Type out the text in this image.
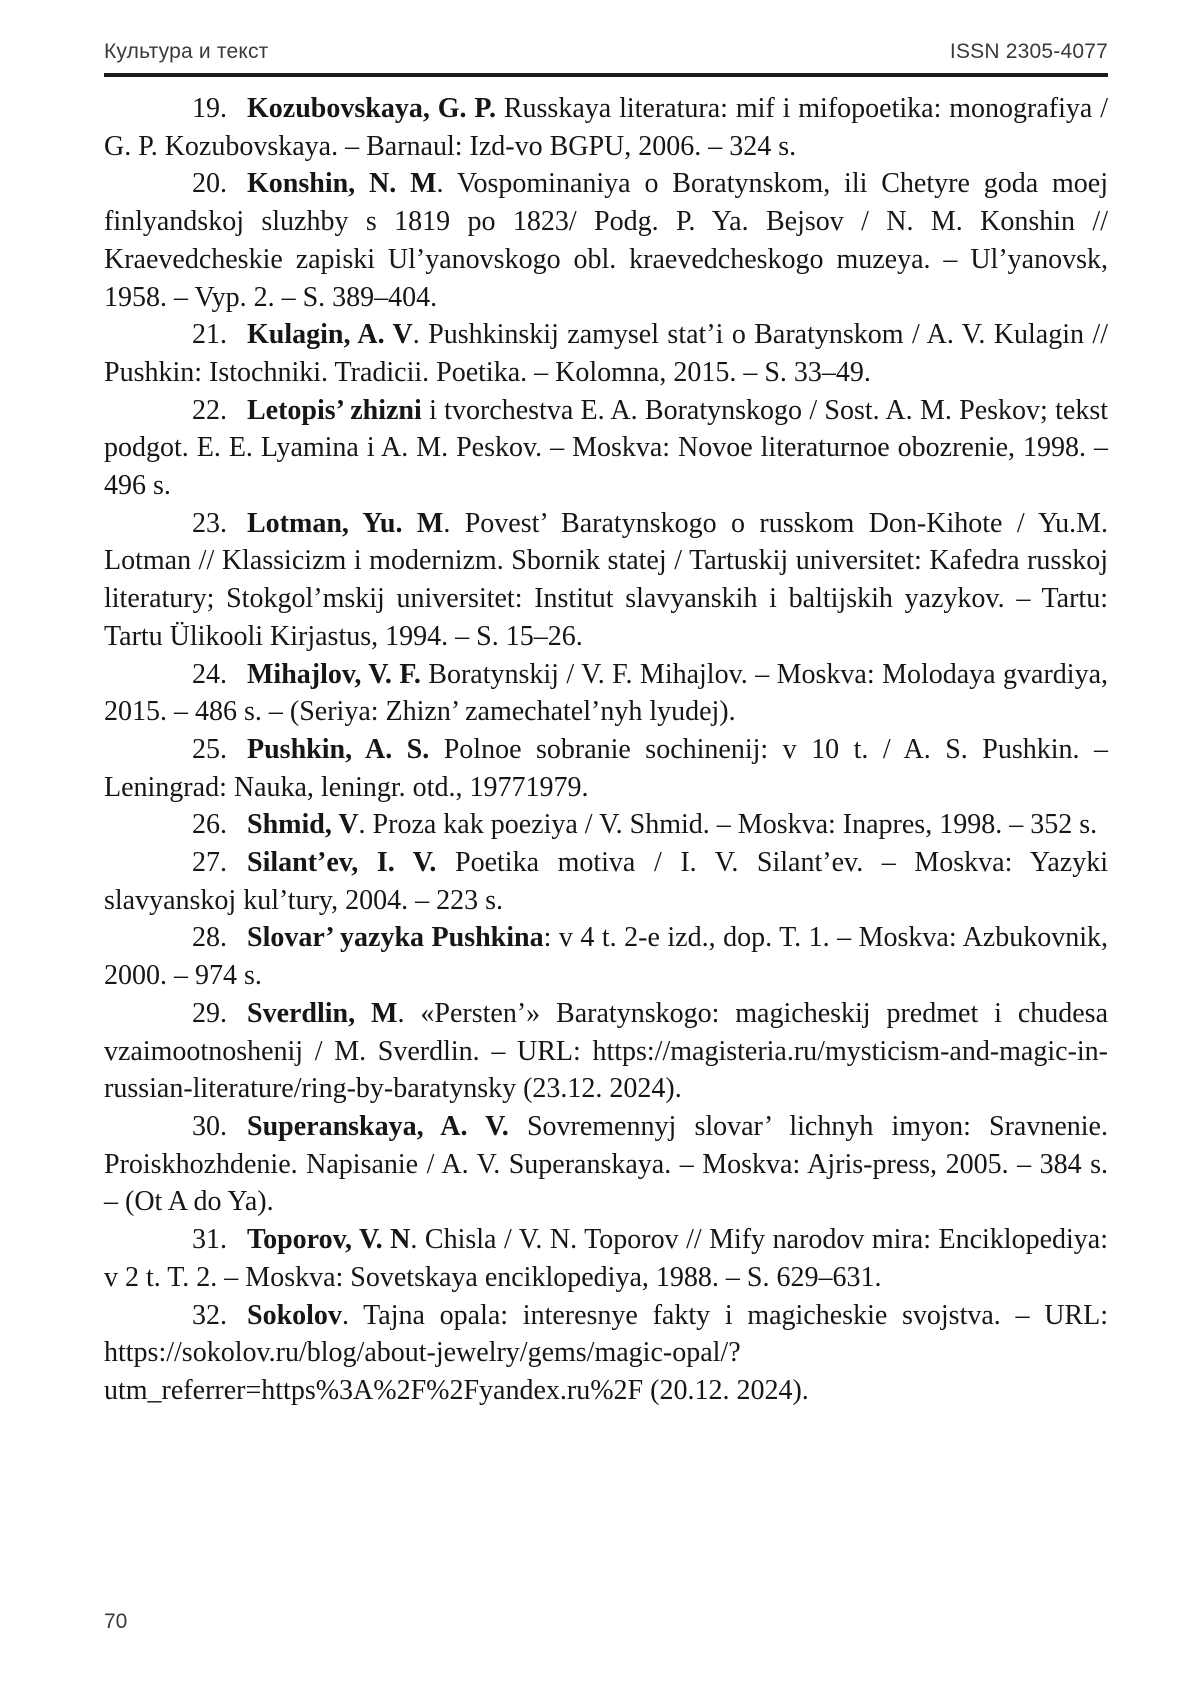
Культура и текст	ISSN 2305-4077

19. Kozubovskaya, G. P. Russkaya literatura: mif i mifopoetika: monografiya / G. P. Kozubovskaya. – Barnaul: Izd-vo BGPU, 2006. – 324 s.

20. Konshin, N. M. Vospominaniya o Boratynskom, ili Chetyre goda moej finlyandskoj sluzhby s 1819 po 1823/ Podg. P. Ya. Bejsov / N. M. Konshin // Kraevedcheskie zapiski Ul’yanovskogo obl. kraevedcheskogo muzeya. – Ul’yanovsk, 1958. – Vyp. 2. – S. 389–404.

21. Kulagin, A. V. Pushkinskij zamysel stat’i o Baratynskom / A. V. Kulagin // Pushkin: Istochniki. Tradicii. Poetika. – Kolomna, 2015. – S. 33–49.

22. Letopis’ zhizni i tvorchestva E. A. Boratynskogo / Sost. A. M. Peskov; tekst podgot. E. E. Lyamina i A. M. Peskov. – Moskva: Novoe literaturnoe obozrenie, 1998. – 496 s.

23. Lotman, Yu. M. Povest’ Baratynskogo o russkom Don-Kihote / Yu.M. Lotman // Klassicizm i modernizm. Sbornik statej / Tartuskij universitet: Kafedra russkoj literatury; Stokgol’mskij universitet: Institut slavyanskih i baltijskih yazykov. – Tartu: Tartu Ülikooli Kirjastus, 1994. – S. 15–26.

24. Mihajlov, V. F. Boratynskij / V. F. Mihajlov. – Moskva: Molodaya gvardiya, 2015. – 486 s. – (Seriya: Zhizn’ zamechatel’nyh lyudej).

25. Pushkin, A. S. Polnoe sobranie sochinenij: v 10 t. / A. S. Pushkin. – Leningrad: Nauka, leningr. otd., 19771979.

26. Shmid, V. Proza kak poeziya / V. Shmid. – Moskva: Inapres, 1998. – 352 s.

27. Silant’ev, I. V. Poetika motiva / I. V. Silant’ev. – Moskva: Yazyki slavyanskoj kul’tury, 2004. – 223 s.

28. Slovar’ yazyka Pushkina: v 4 t. 2-e izd., dop. T. 1. – Moskva: Azbukovnik, 2000. – 974 s.

29. Sverdlin, M. «Persten’» Baratynskogo: magicheskij predmet i chudesa vzaimootnoshenij / M. Sverdlin. – URL: https://magisteria.ru/mysticism-and-magic-in-russian-literature/ring-by-baratynsky (23.12. 2024).

30. Superanskaya, A. V. Sovremennyj slovar’ lichnyh imyon: Sravnenie. Proiskhozhdenie. Napisanie / A. V. Superanskaya. – Moskva: Ajris-press, 2005. – 384 s. – (Ot A do Ya).

31. Toporov, V. N. Chisla / V. N. Toporov // Mify narodov mira: Enciklopediya: v 2 t. T. 2. – Moskva: Sovetskaya enciklopediya, 1988. – S. 629–631.

32. Sokolov. Tajna opala: interesnye fakty i magicheskie svojstva. – URL: https://sokolov.ru/blog/about-jewelry/gems/magic-opal/?utm_referrer=https%3A%2F%2Fyandex.ru%2F (20.12. 2024).

70
